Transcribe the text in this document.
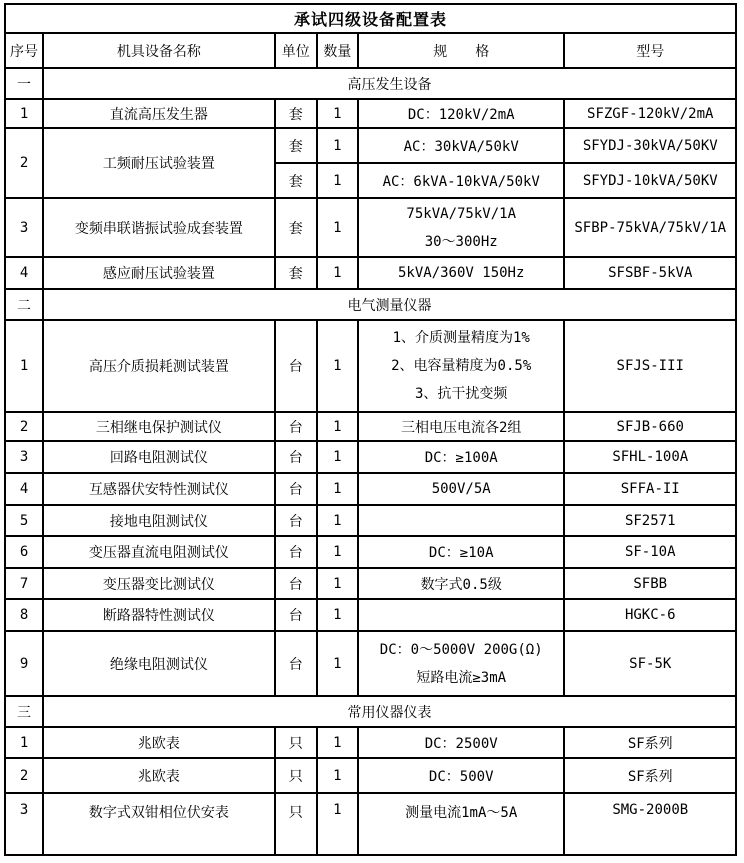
承试四级设备配置表					
序号	机具设备名称	单位	数量	规　　格	型号
一	高压发生设备				
1	直流高压发生器	套	1	DC：120kV/2mA	SFZGF-120kV/2mA
2	工频耐压试验装置	套	1	AC：30kVA/50kV	SFYDJ-30kVA/50KV
		套	1	AC：6kVA-10kVA/50kV	SFYDJ-10kVA/50KV
3	变频串联谐振试验成套装置	套	1	75kVA/75kV/1A
30～300Hz	SFBP-75kVA/75kV/1A
4	感应耐压试验装置	套	1	5kVA/360V 150Hz	SFSBF-5kVA
二	电气测量仪器				
1	高压介质损耗测试装置	台	1	1、介质测量精度为1%
2、电容量精度为0.5%
3、抗干扰变频	SFJS-III
2	三相继电保护测试仪	台	1	三相电压电流各2组	SFJB-660
3	回路电阻测试仪	台	1	DC：≥100A	SFHL-100A
4	互感器伏安特性测试仪	台	1	500V/5A	SFFA-II
5	接地电阻测试仪	台	1		SF2571
6	变压器直流电阻测试仪	台	1	DC：≥10A	SF-10A
7	变压器变比测试仪	台	1	数字式0.5级	SFBB
8	断路器特性测试仪	台	1		HGKC-6
9	绝缘电阻测试仪	台	1	DC：0～5000V 200G(Ω)
短路电流≥3mA	SF-5K
三	常用仪器仪表				
1	兆欧表	只	1	DC：2500V	SF系列
2	兆欧表	只	1	DC：500V	SF系列
3	数字式双钳相位伏安表	只	1	测量电流1mA～5A	SMG-2000B
